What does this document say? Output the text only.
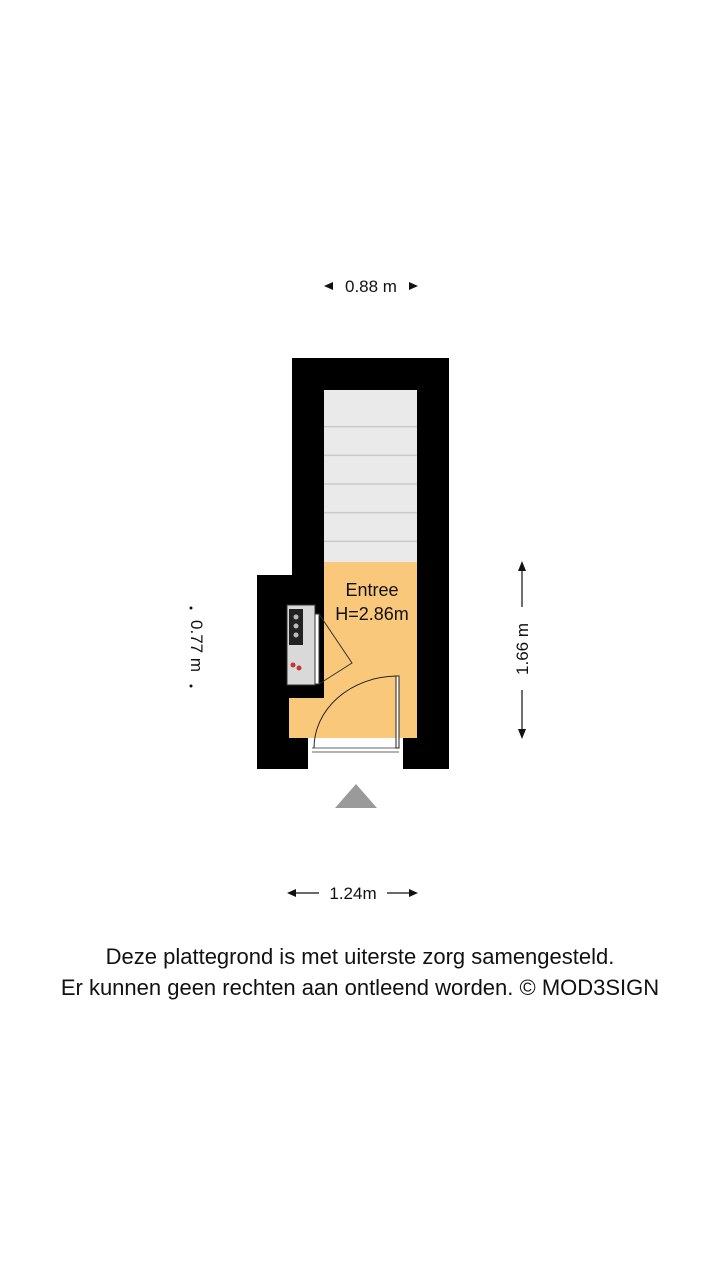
0.88 m
Entree
H=2.86m
0.77 m	1.66 m
1.24m
Deze plattegrond is met uiterste zorg samengesteld.
Er kunnen geen rechten aan ontleend worden. © MOD3SIGN
